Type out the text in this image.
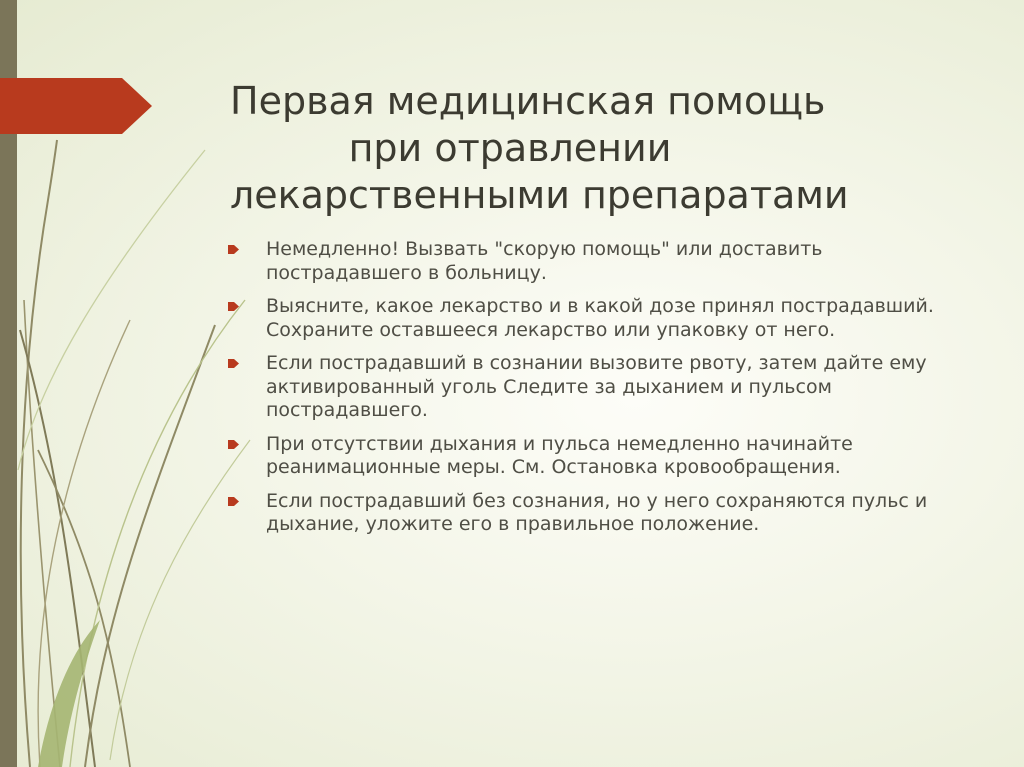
Первая медицинская помощь
при отравлении
лекарственными препаратами
Немедленно! Вызвать "скорую помощь" или доставить пострадавшего в больницу.
Выясните, какое лекарство и в какой дозе принял пострадавший. Сохраните оставшееся лекарство или упаковку от него.
Если пострадавший в сознании вызовите рвоту, затем дайте ему активированный уголь Следите за дыханием и пульсом пострадавшего.
При отсутствии дыхания и пульса немедленно начинайте реанимационные меры. См. Остановка кровообращения.
Если пострадавший без сознания, но у него сохраняются пульс и дыхание, уложите его в правильное положение.
